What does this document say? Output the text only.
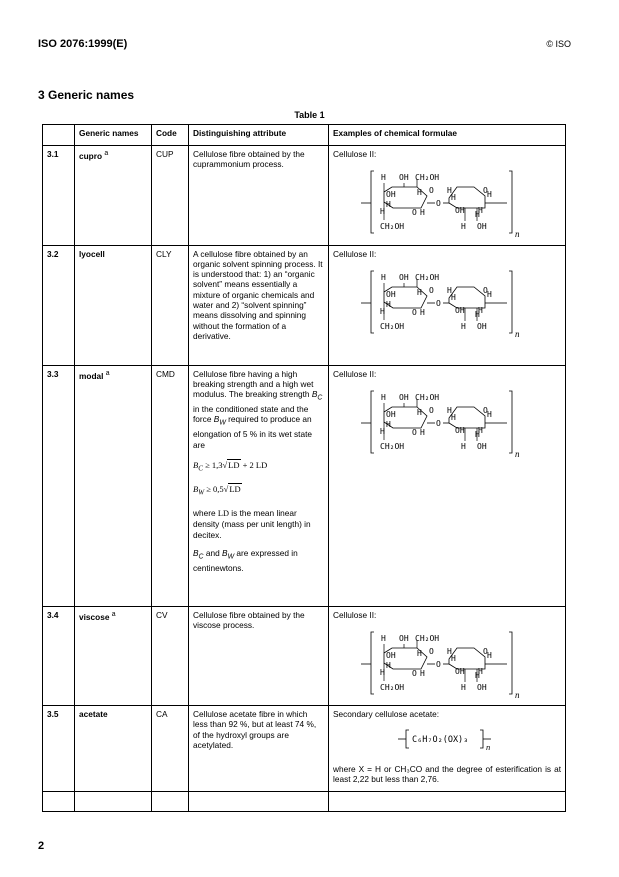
ISO 2076:1999(E)	© ISO
3 Generic names
Table 1
	Generic names	Code	Distinguishing attribute	Examples of chemical formulae
3.1	cupro $^a$	CUP	Cellulose fibre obtained by the cuprammonium process.	Cellulose II:

3.2	lyocell	CLY	A cellulose fibre obtained by an organic solvent spinning process. It is understood that: 1) an “organic solvent” means essentially a mixture of organic chemicals and water and 2) “solvent spinning” means dissolving and spinning without the formation of a derivative.	Cellulose II:

3.3	modal $^a$	CMD	Cellulose fibre having a high breaking strength and a high wet modulus. The breaking strength $B_C$ in the conditioned state and the force $B_W$ required to produce an elongation of 5 % in its wet state are
$B_C \ge 1,3√LD + 2$ LD
$B_W \ge 0,5√LD$
where LD is the mean linear density (mass per unit length) in decitex.
$B_C$ and $B_W$ are expressed in centinewtons.	Cellulose II:

3.4	viscose $^a$	CV	Cellulose fibre obtained by the viscose process.	Cellulose II:

3.5	acetate	CA	Cellulose acetate fibre in which less than 92 %, but at least 74 %, of the hydroxyl groups are acetylated.	Secondary cellulose acetate:
C₆H₇O₂(OX)₃
n
where X = H or CH₃CO and the degree of esterification is at least 2,22 but less than 2,76.

2
